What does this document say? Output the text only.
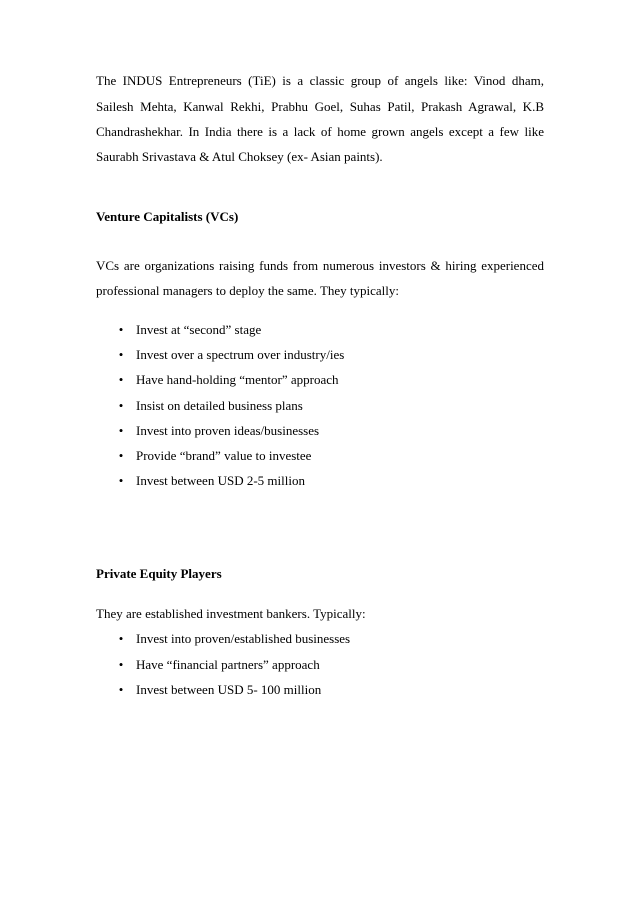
The INDUS Entrepreneurs (TiE) is a classic group of angels like: Vinod dham,
Sailesh Mehta, Kanwal Rekhi, Prabhu Goel, Suhas Patil, Prakash Agrawal, K.B
Chandrashekhar. In India there is a lack of home grown angels except a few like
Saurabh Srivastava & Atul Choksey (ex- Asian paints).
Venture Capitalists (VCs)
VCs are organizations raising funds from numerous investors & hiring experienced
professional managers to deploy the same. They typically:
• Invest at “second” stage
• Invest over a spectrum over industry/ies
• Have hand-holding “mentor” approach
• Insist on detailed business plans
• Invest into proven ideas/businesses
• Provide “brand” value to investee
• Invest between USD 2-5 million
Private Equity Players
They are established investment bankers. Typically:
• Invest into proven/established businesses
• Have “financial partners” approach
• Invest between USD 5- 100 million
